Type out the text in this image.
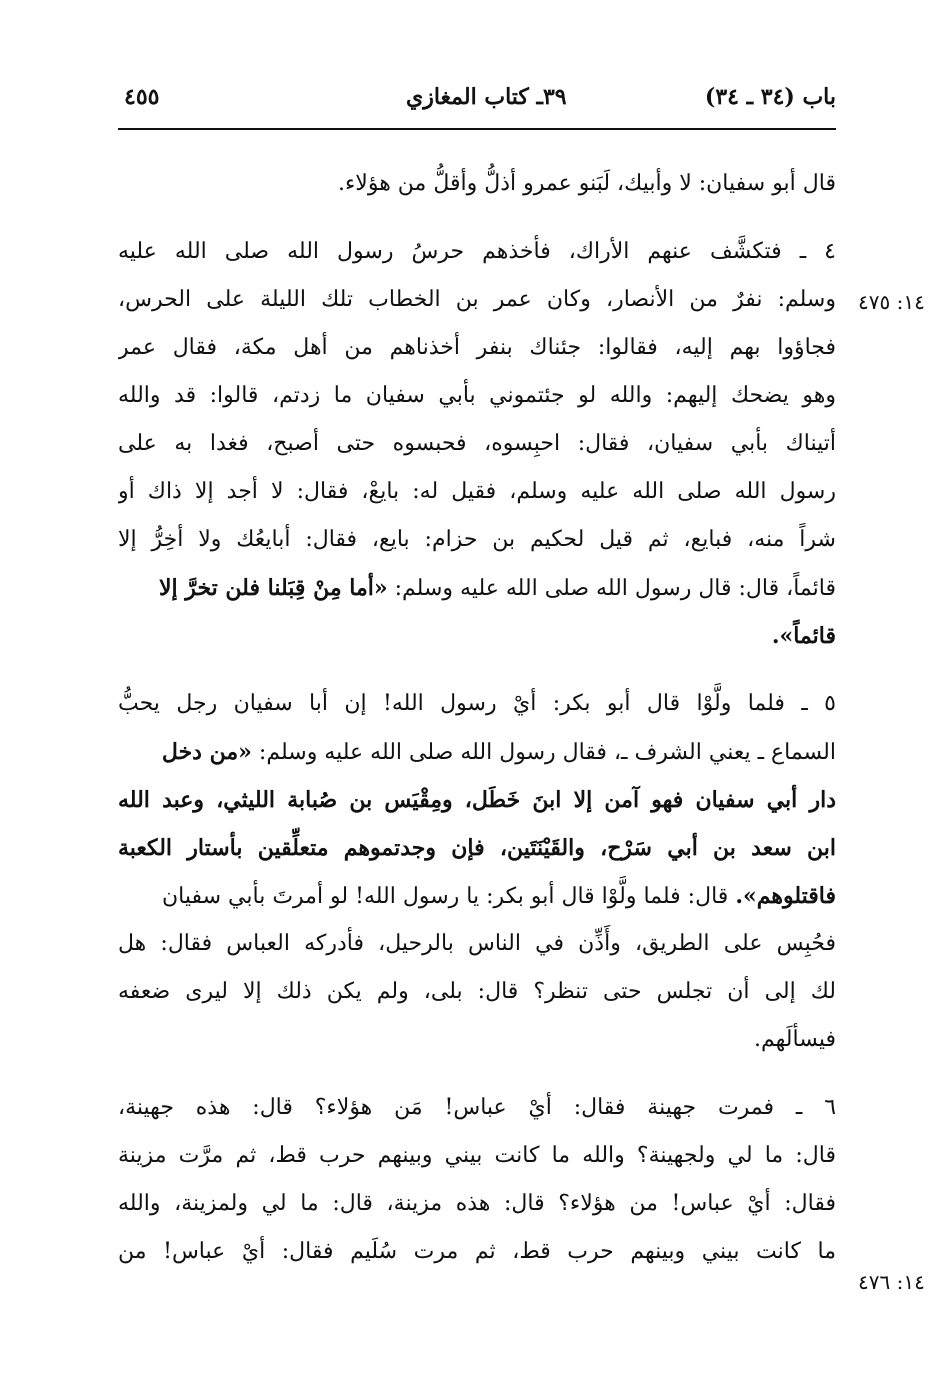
٤٥٥	٣٩ـ كتاب المغازي	باب (٣٤ ـ ٣٤)
١٤: ٤٧٥
١٤: ٤٧٦
قال أبو سفيان: لا وأبيك، لَبَنو عمرو أذلُّ وأقلُّ من هؤلاء.
٤ ـ فتكشَّف عنهم الأراك، فأخذهم حرسُ رسول الله صلى الله عليه
وسلم: نفرٌ من الأنصار، وكان عمر بن الخطاب تلك الليلة على الحرس،
فجاؤوا بهم إليه، فقالوا: جئناك بنفر أخذناهم من أهل مكة، فقال عمر
وهو يضحك إليهم: والله لو جئتموني بأبي سفيان ما زدتم، قالوا: قد والله
أتيناك بأبي سفيان، فقال: احبِسوه، فحبسوه حتى أصبح، فغدا به على
رسول الله صلى الله عليه وسلم، فقيل له: بايعْ، فقال: لا أجد إلا ذاك أو
شراً منه، فبايع، ثم قيل لحكيم بن حزام: بايع، فقال: أبايعُك ولا أخِرُّ إلا
قائماً، قال: قال رسول الله صلى الله عليه وسلم: «أما مِنْ قِبَلنا فلن تخرَّ إلا
قائماً».
٥ ـ فلما ولَّوْا قال أبو بكر: أيْ رسول الله! إن أبا سفيان رجل يحبُّ
السماع ـ يعني الشرف ـ، فقال رسول الله صلى الله عليه وسلم: «من دخل
دار أبي سفيان فهو آمن إلا ابنَ خَطَل، ومِقْيَس بن صُبابة الليثي، وعبد الله
ابن سعد بن أبي سَرْح، والقَيْنَتَين، فإن وجدتموهم متعلِّقين بأستار الكعبة
فاقتلوهم». قال: فلما ولَّوْا قال أبو بكر: يا رسول الله! لو أمرتَ بأبي سفيان
فحُبِس على الطريق، وأَذِّن في الناس بالرحيل، فأدركه العباس فقال: هل
لك إلى أن تجلس حتى تنظر؟ قال: بلى، ولم يكن ذلك إلا ليرى ضعفه
فيسألَهم.
٦ ـ فمرت جهينة فقال: أيْ عباس! مَن هؤلاء؟ قال: هذه جهينة،
قال: ما لي ولجهينة؟ والله ما كانت بيني وبينهم حرب قط، ثم مرَّت مزينة
فقال: أيْ عباس! من هؤلاء؟ قال: هذه مزينة، قال: ما لي ولمزينة، والله
ما كانت بيني وبينهم حرب قط، ثم مرت سُلَيم فقال: أيْ عباس! من
